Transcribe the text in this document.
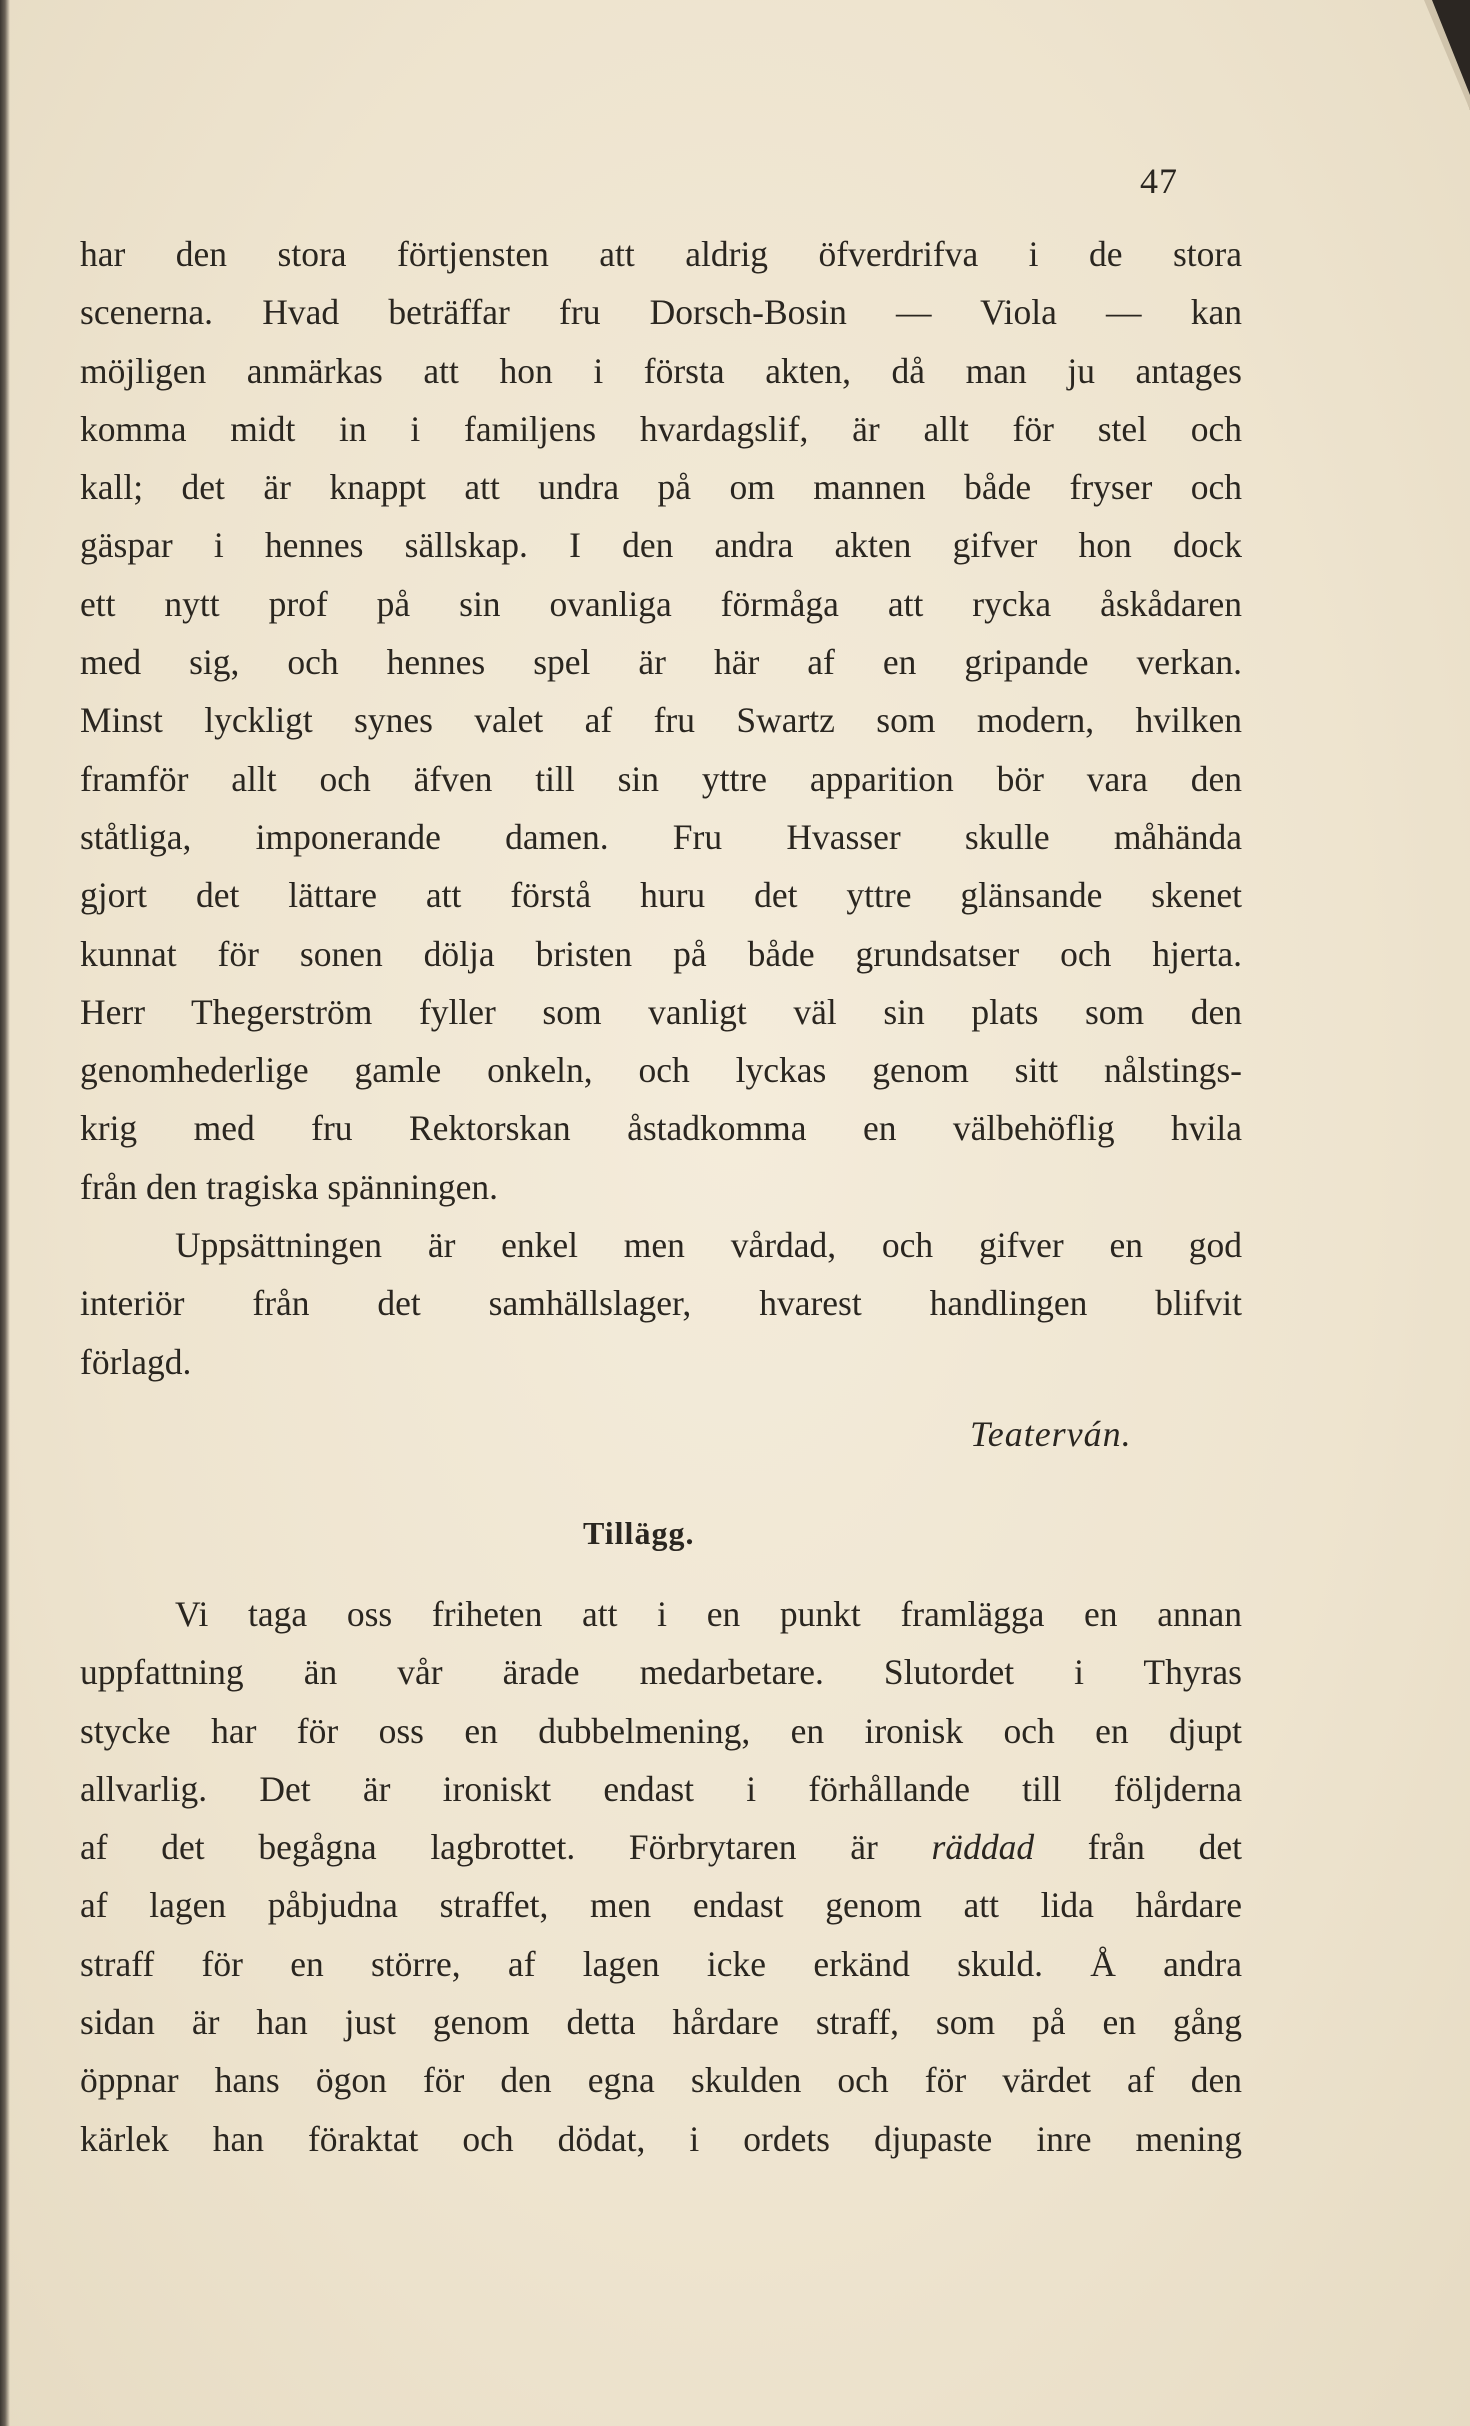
47
har den stora förtjensten att aldrig öfverdrifva i de stora
scenerna. Hvad beträffar fru Dorsch-Bosin — Viola — kan
möjligen anmärkas att hon i första akten, då man ju antages
komma midt in i familjens hvardagslif, är allt för stel och
kall; det är knappt att undra på om mannen både fryser och
gäspar i hennes sällskap. I den andra akten gifver hon dock
ett nytt prof på sin ovanliga förmåga att rycka åskådaren
med sig, och hennes spel är här af en gripande verkan.
Minst lyckligt synes valet af fru Swartz som modern, hvilken
framför allt och äfven till sin yttre apparition bör vara den
ståtliga, imponerande damen. Fru Hvasser skulle måhända
gjort det lättare att förstå huru det yttre glänsande skenet
kunnat för sonen dölja bristen på både grundsatser och hjerta.
Herr Thegerström fyller som vanligt väl sin plats som den
genomhederlige gamle onkeln, och lyckas genom sitt nålstings-
krig med fru Rektorskan åstadkomma en välbehöflig hvila
från den tragiska spänningen.
Uppsättningen är enkel men vårdad, och gifver en god
interiör från det samhällslager, hvarest handlingen blifvit
förlagd.
Teaterván.
Tillägg.
Vi taga oss friheten att i en punkt framlägga en annan
uppfattning än vår ärade medarbetare. Slutordet i Thyras
stycke har för oss en dubbelmening, en ironisk och en djupt
allvarlig. Det är ironiskt endast i förhållande till följderna
af det begågna lagbrottet. Förbrytaren är räddad från det
af lagen påbjudna straffet, men endast genom att lida hårdare
straff för en större, af lagen icke erkänd skuld. Å andra
sidan är han just genom detta hårdare straff, som på en gång
öppnar hans ögon för den egna skulden och för värdet af den
kärlek han föraktat och dödat, i ordets djupaste inre mening
